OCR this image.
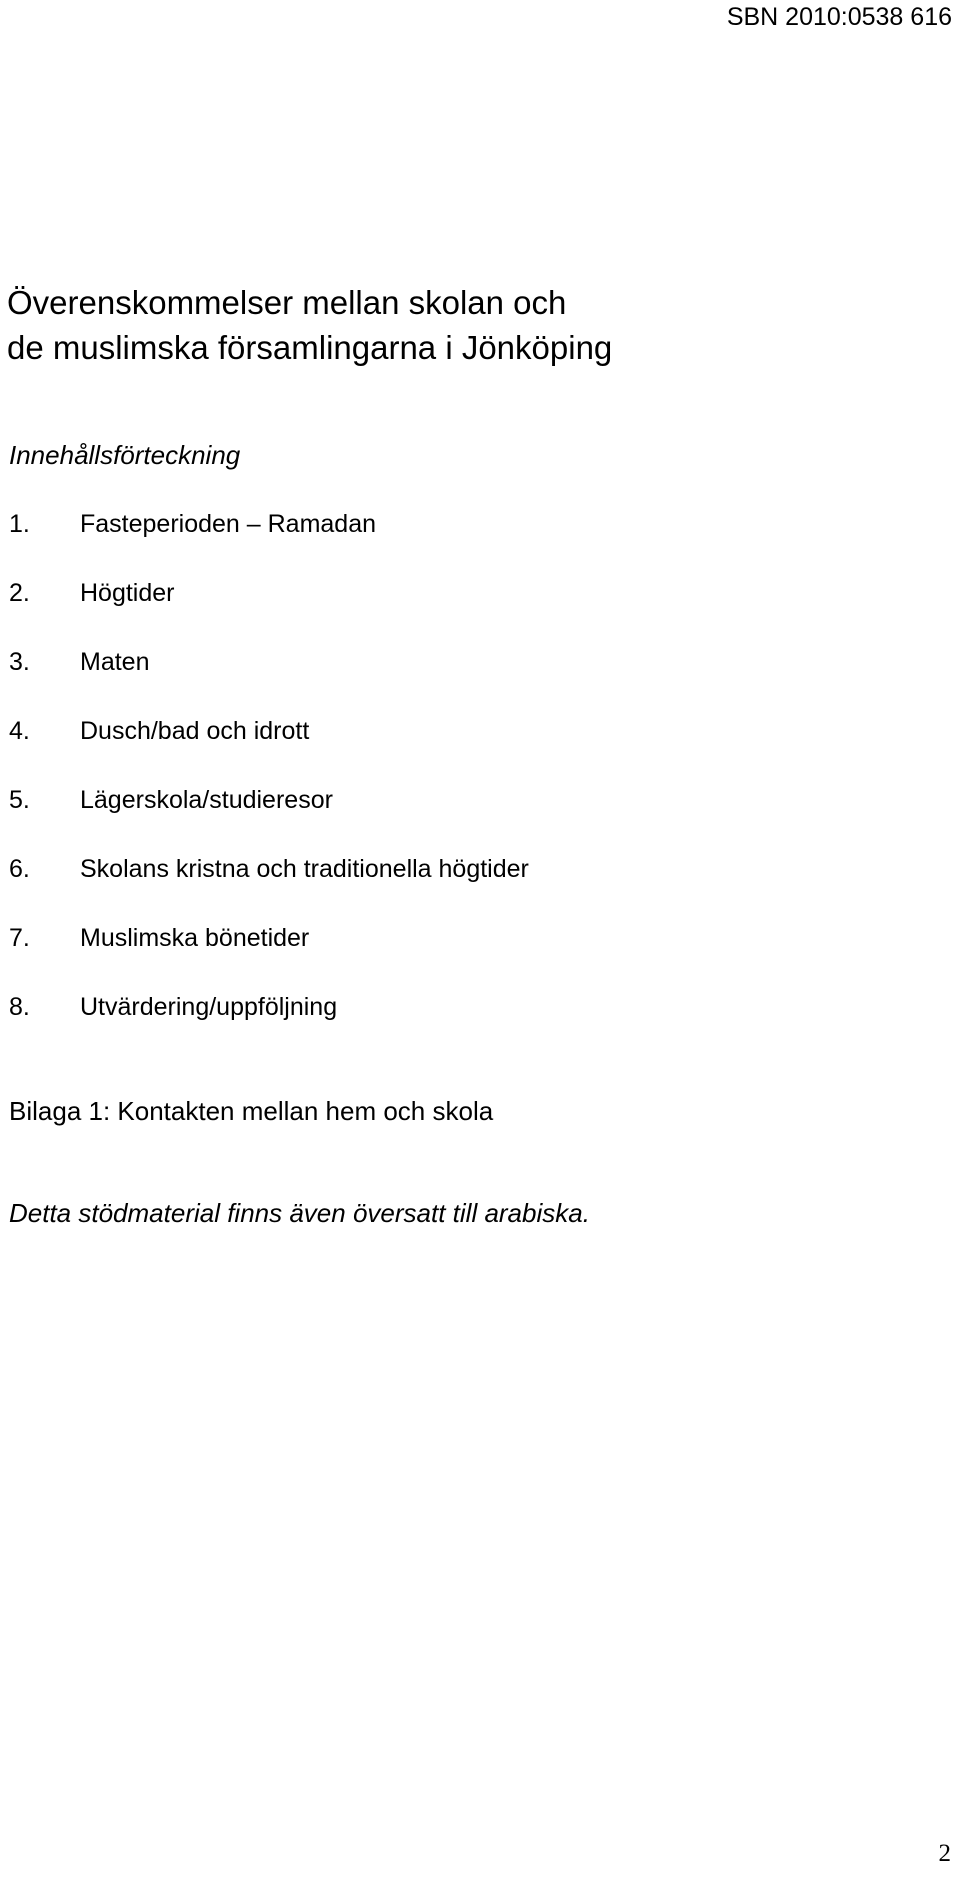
SBN 2010:0538 616
Överenskommelser mellan skolan och
de muslimska församlingarna i Jönköping
Innehållsförteckning
1. Fasteperioden – Ramadan
2. Högtider
3. Maten
4. Dusch/bad och idrott
5. Lägerskola/studieresor
6. Skolans kristna och traditionella högtider
7. Muslimska bönetider
8. Utvärdering/uppföljning
Bilaga 1: Kontakten mellan hem och skola
Detta stödmaterial finns även översatt till arabiska.
2
